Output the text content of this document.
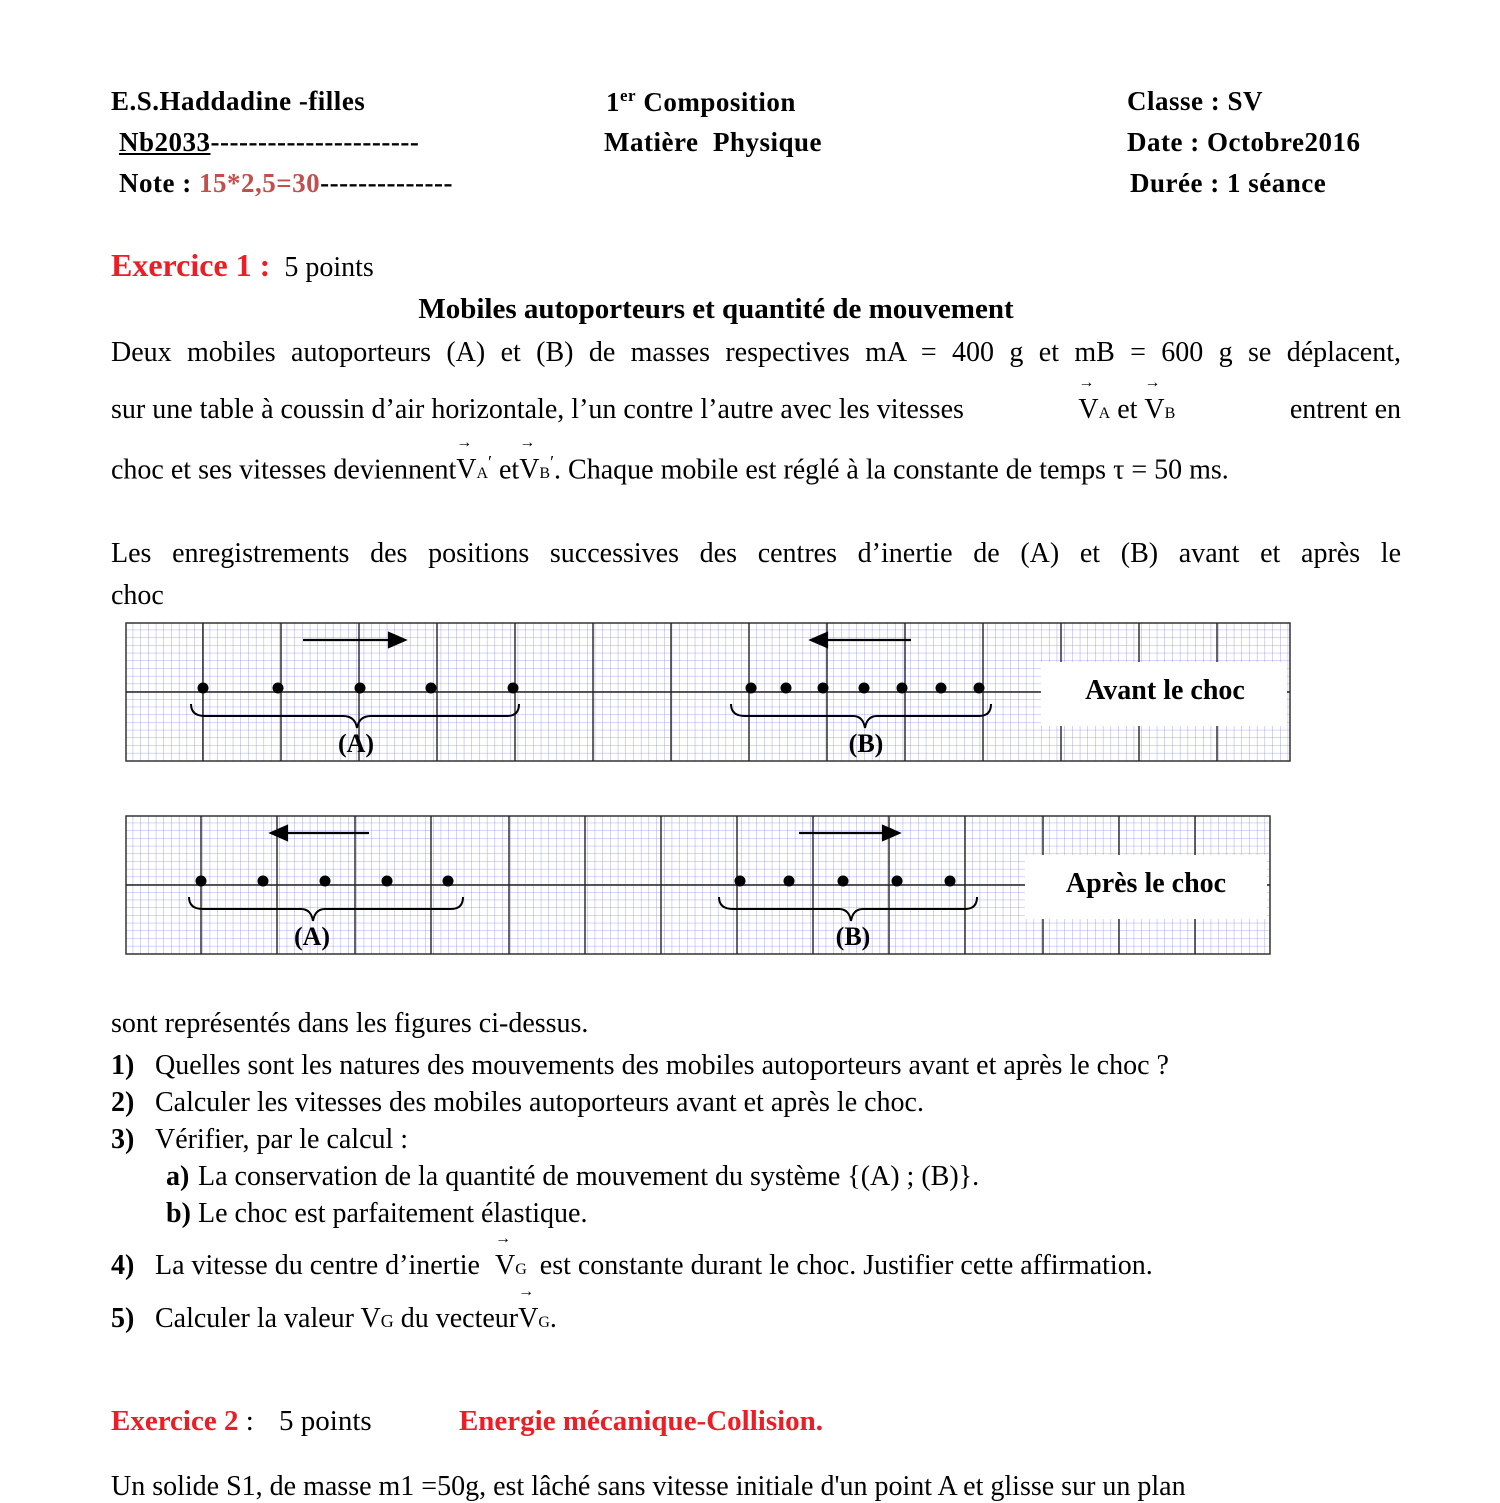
E.S.Haddadine -filles
Nb2033----------------------
Note : 15*2,5=30--------------
1er Composition
Matière  Physique
Classe : SV
Date : Octobre2016
Durée : 1 séance
Exercice 1 : 5 points
Mobiles autoporteurs et quantité de mouvement
Deux mobiles autoporteurs (A) et (B) de masses respectives mA = 400 g et mB = 600 g se déplacent,
sur une table à coussin d’air horizontale, l’un contre l’autre avec les vitesses
→
VA et
→
VB	entrent en
choc et ses vitesses deviennent
→
VA′ et
→
VB′. Chaque mobile est réglé à la constante de temps τ = 50 ms.
Les enregistrements des positions successives des centres d’inertie de (A) et (B) avant et après le
choc
Avant le choc
(A)	(B)
Après le choc
(A)	(B)
sont représentés dans les figures ci-dessus.
1) Quelles sont les natures des mouvements des mobiles autoporteurs avant et après le choc ?
2) Calculer les vitesses des mobiles autoporteurs avant et après le choc.
3) Vérifier, par le calcul :
a) La conservation de la quantité de mouvement du système {(A) ; (B)}.
b) Le choc est parfaitement élastique.
4) La vitesse du centre d’inertie
→
VG est constante durant le choc. Justifier cette affirmation.
5) Calculer la valeur VG du vecteur
→
VG.
Exercice 2 : 5 points	Energie mécanique-Collision.
Un solide S1, de masse m1 =50g, est lâché sans vitesse initiale d'un point A et glisse sur un plan
